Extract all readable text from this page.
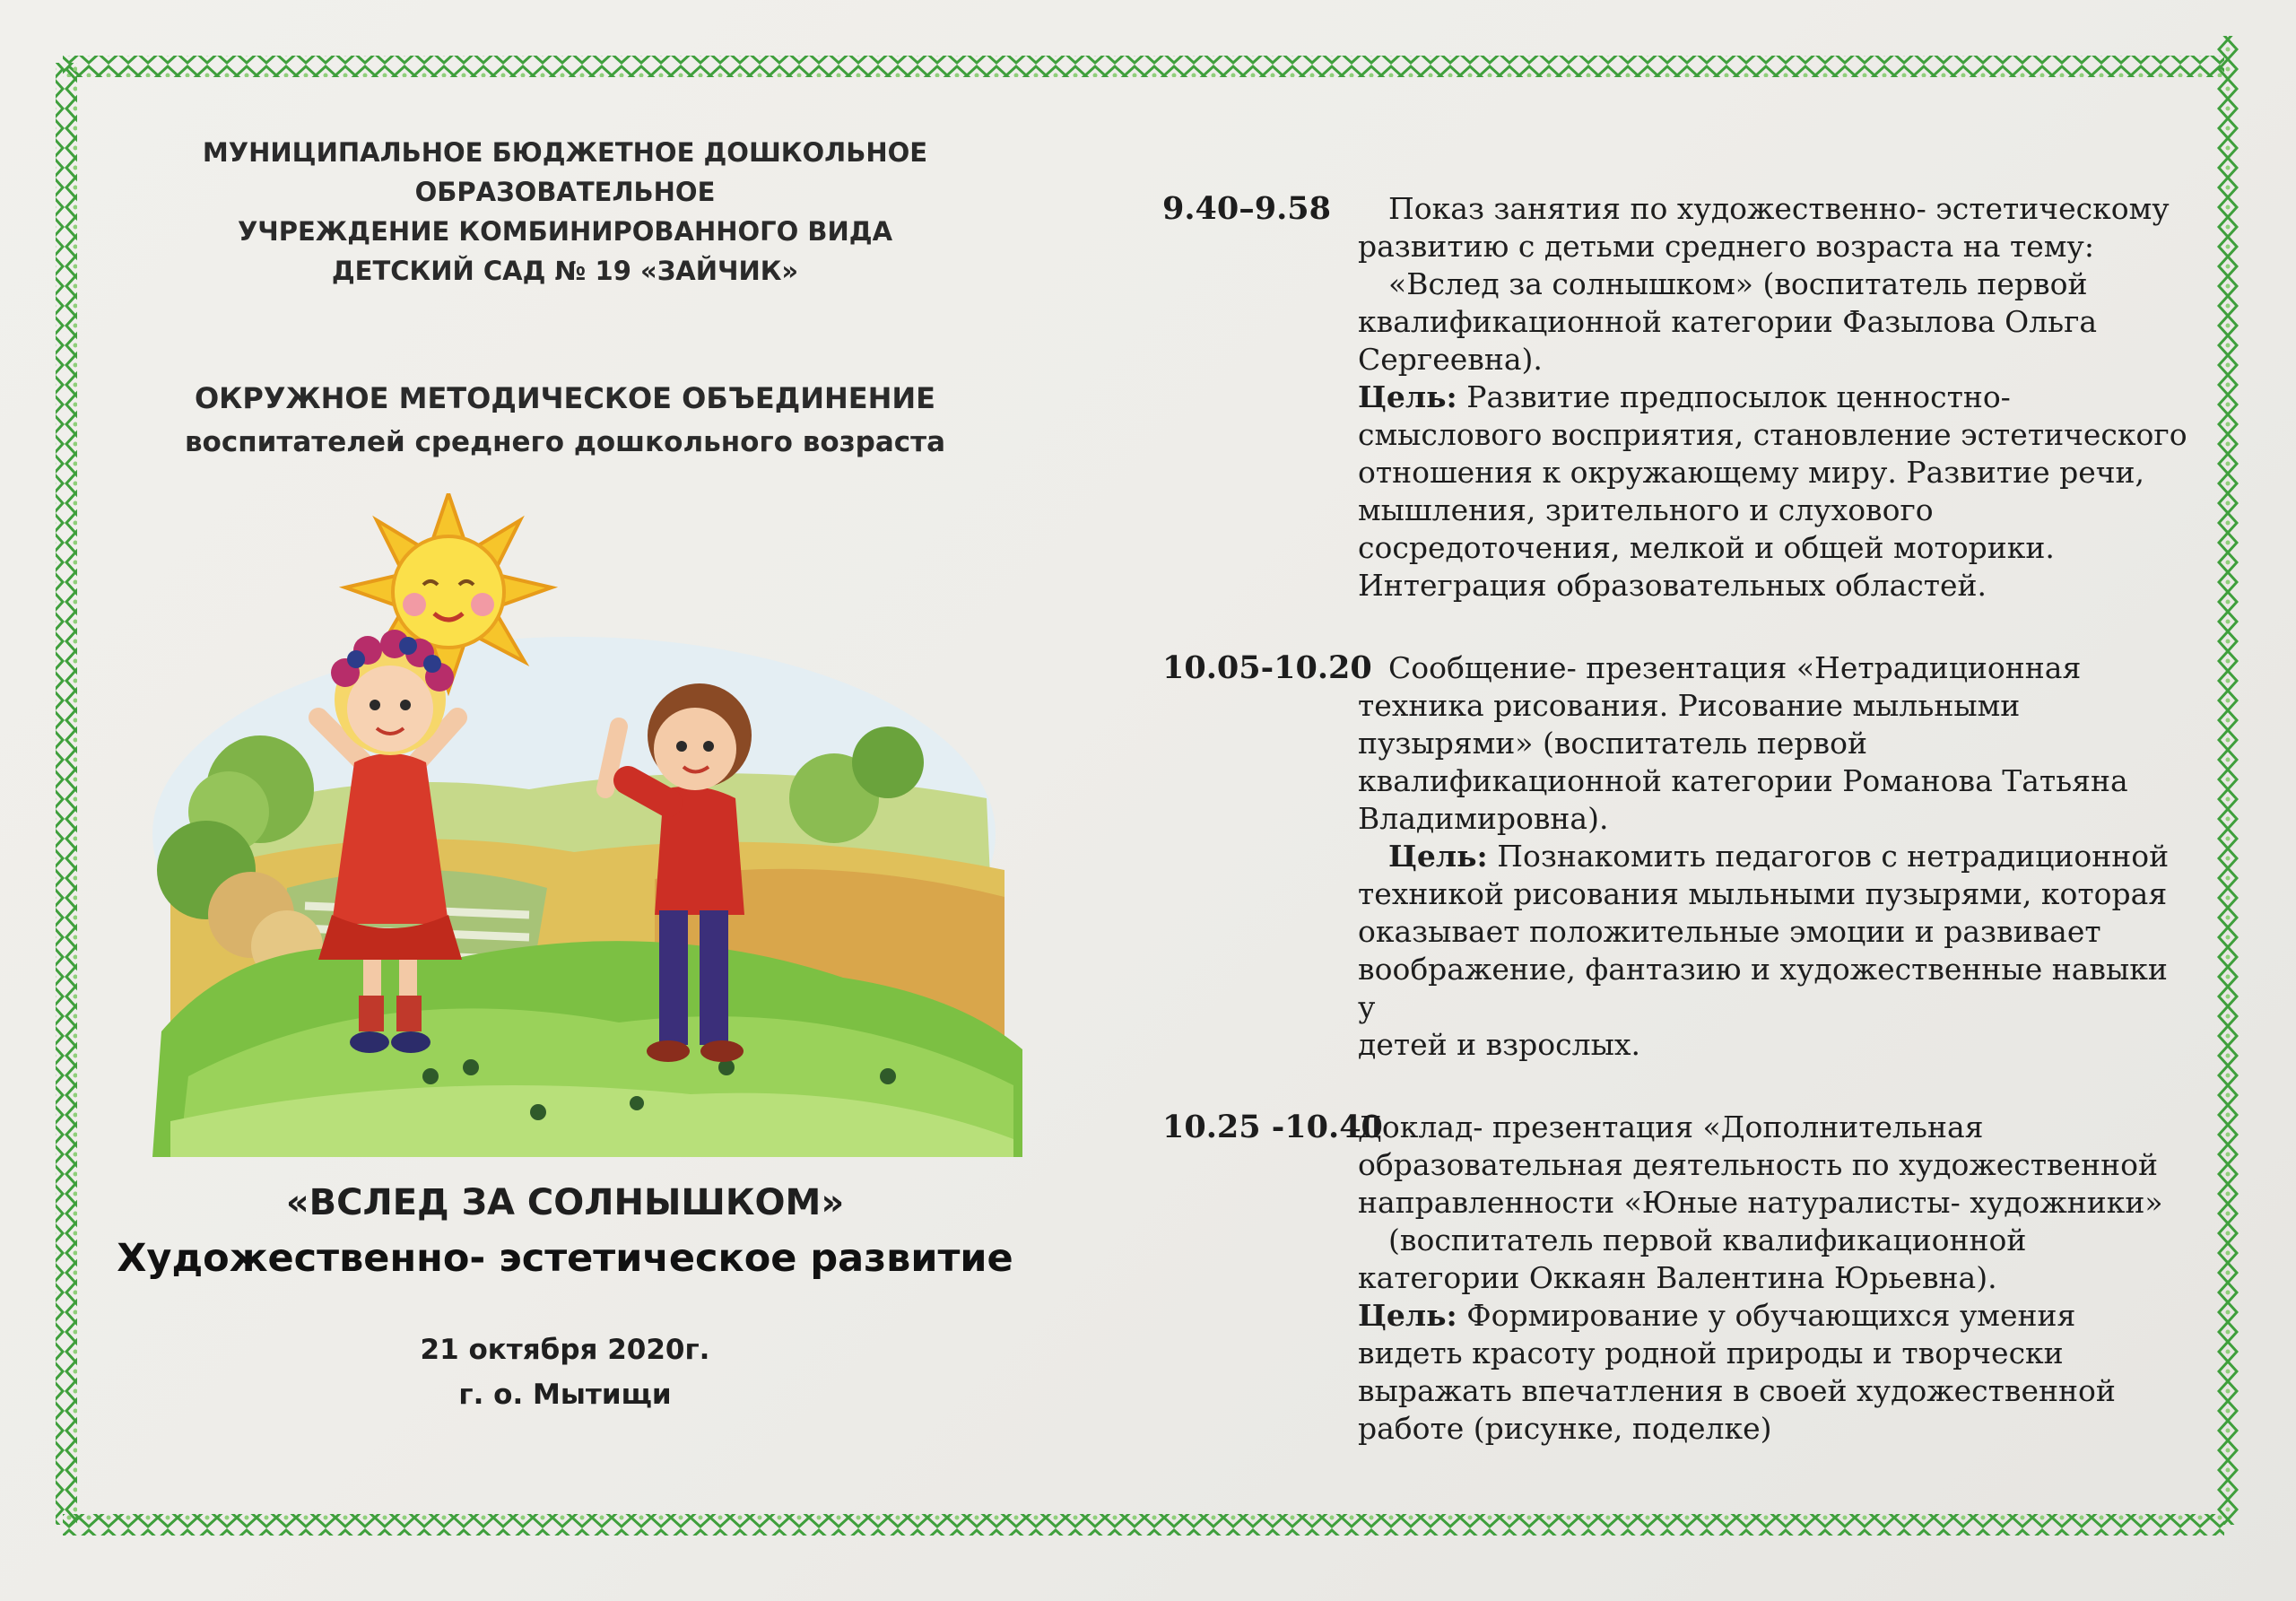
МУНИЦИПАЛЬНОЕ БЮДЖЕТНОЕ ДОШКОЛЬНОЕ
ОБРАЗОВАТЕЛЬНОЕ
УЧРЕЖДЕНИЕ КОМБИНИРОВАННОГО ВИДА
ДЕТСКИЙ САД № 19 «ЗАЙЧИК»
ОКРУЖНОЕ МЕТОДИЧЕСКОЕ ОБЪЕДИНЕНИЕ
воспитателей среднего дошкольного возраста
«ВСЛЕД ЗА СОЛНЫШКОМ»
Художественно- эстетическое развитие
21 октября 2020г.
г. о. Мытищи
9.40–9.58	Показ занятия по художественно- эстетическому

развитию с детьми среднего возраста на тему:

«Вслед за солнышком» (воспитатель первой

квалификационной категории Фазылова Ольга

Сергеевна).

Цель: Развитие предпосылок ценностно-

смыслового восприятия, становление эстетического

отношения к окружающему миру. Развитие речи,

мышления, зрительного и слухового

сосредоточения, мелкой и общей моторики.

Интеграция образовательных областей.

10.05-10.20 Сообщение- презентация «Нетрадиционная

техника рисования. Рисование мыльными

пузырями» (воспитатель первой

квалификационной категории Романова Татьяна

Владимировна).

Цель: Познакомить педагогов с нетрадиционной

техникой рисования мыльными пузырями, которая

оказывает положительные эмоции и развивает

воображение, фантазию и художественные навыки у

детей и взрослых.

10.25 -10.40

Доклад- презентация «Дополнительная

образовательная деятельность по художественной

направленности «Юные натуралисты- художники»

(воспитатель первой квалификационной

категории Оккаян Валентина Юрьевна).

Цель: Формирование у обучающихся умения

видеть красоту родной природы и творчески

выражать впечатления в своей художественной

работе (рисунке, поделке)
